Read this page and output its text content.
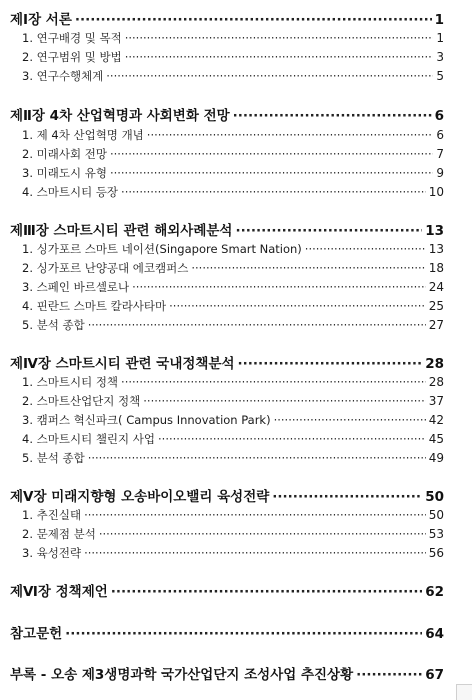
제Ⅰ장 서론 ·····	1
1. 연구배경 및 목적 ·····	1
2. 연구범위 및 방법 ·····	3
3. 연구수행체계 ·····	5
제Ⅱ장 4차 산업혁명과 사회변화 전망 ·····	6
1. 제 4차 산업혁명 개념 ·····	6
2. 미래사회 전망 ·····	7
3. 미래도시 유형 ·····	9
4. 스마트시티 등장 ·····	10
제Ⅲ장 스마트시티 관련 해외사례분석 ·····	13
1. 싱가포르 스마트 네이션(Singapore Smart Nation) ·····	13
2. 싱가포르 난양공대 에코캠퍼스 ·····	18
3. 스페인 바르셀로나 ·····	24
4. 핀란드 스마트 칼라사타마 ·····	25
5. 분석 종합 ·····	27
제Ⅳ장 스마트시티 관련 국내정책분석 ·····	28
1. 스마트시티 정책 ·····	28
2. 스마트산업단지 정책 ·····	37
3. 캠퍼스 혁신파크( Campus Innovation Park) ·····	42
4. 스마트시티 챌린지 사업 ·····	45
5. 분석 종합 ·····	49
제Ⅴ장 미래지향형 오송바이오밸리 육성전략 ·····	50
1. 추진실태 ·····	50
2. 문제점 분석 ·····	53
3. 육성전략 ·····	56
제Ⅵ장 정책제언 ·····	62
참고문헌 ·····	64
부록 - 오송 제3생명과학 국가산업단지 조성사업 추진상황 ·····	67
